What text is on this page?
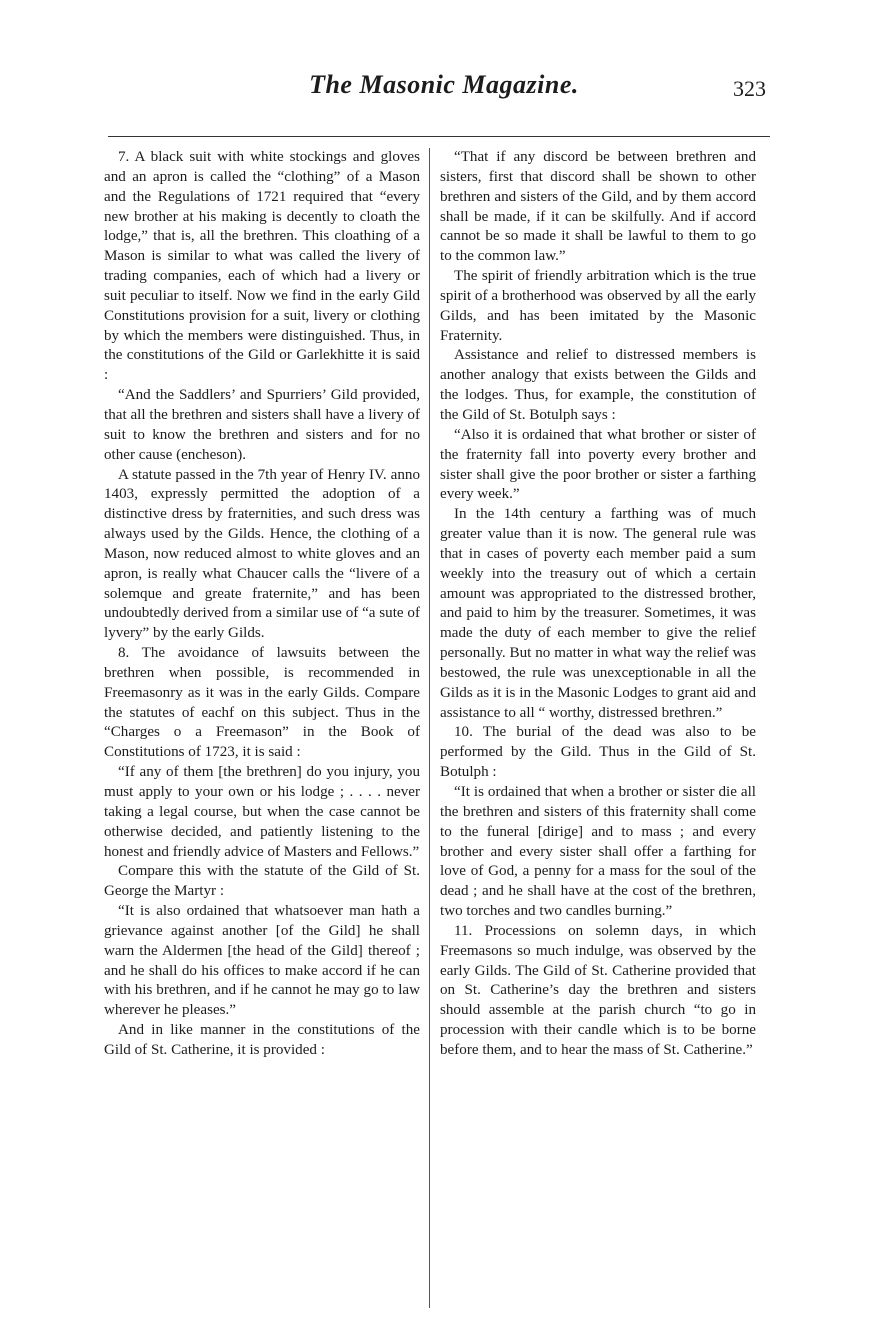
The Masonic Magazine.	323

7. A black suit with white stockings and gloves and an apron is called the “clothing” of a Mason and the Regulations of 1721 required that “every new brother at his making is decently to cloath the lodge,” that is, all the brethren. This cloathing of a Mason is similar to what was called the livery of trading companies, each of which had a livery or suit peculiar to itself. Now we find in the early Gild Constitutions provision for a suit, livery or clothing by which the members were distinguished. Thus, in the constitutions of the Gild or Garlekhitte it is said :

“And the Saddlers’ and Spurriers’ Gild provided, that all the brethren and sisters shall have a livery of suit to know the brethren and sisters and for no other cause (encheson).

A statute passed in the 7th year of Henry IV. anno 1403, expressly permitted the adoption of a distinctive dress by fraternities, and such dress was always used by the Gilds. Hence, the clothing of a Mason, now reduced almost to white gloves and an apron, is really what Chaucer calls the “livere of a solemque and greate fraternite,” and has been undoubtedly derived from a similar use of “a sute of lyvery” by the early Gilds.

8. The avoidance of lawsuits between the brethren when possible, is recommended in Freemasonry as it was in the early Gilds. Compare the statutes of eachf on this subject. Thus in the “Charges o a Freemason” in the Book of Constitutions of 1723, it is said :

“If any of them [the brethren] do you injury, you must apply to your own or his lodge ; . . . . never taking a legal course, but when the case cannot be otherwise decided, and patiently listening to the honest and friendly advice of Masters and Fellows.”

Compare this with the statute of the Gild of St. George the Martyr :

“It is also ordained that whatsoever man hath a grievance against another [of the Gild] he shall warn the Aldermen [the head of the Gild] thereof ; and he shall do his offices to make accord if he can with his brethren, and if he cannot he may go to law wherever he pleases.”

And in like manner in the constitutions of the Gild of St. Catherine, it is provided :

“That if any discord be between brethren and sisters, first that discord shall be shown to other brethren and sisters of the Gild, and by them accord shall be made, if it can be skilfully. And if accord cannot be so made it shall be lawful to them to go to the common law.”

The spirit of friendly arbitration which is the true spirit of a brotherhood was observed by all the early Gilds, and has been imitated by the Masonic Fraternity.

Assistance and relief to distressed members is another analogy that exists between the Gilds and the lodges. Thus, for example, the constitution of the Gild of St. Botulph says :

“Also it is ordained that what brother or sister of the fraternity fall into poverty every brother and sister shall give the poor brother or sister a farthing every week.”

In the 14th century a farthing was of much greater value than it is now. The general rule was that in cases of poverty each member paid a sum weekly into the treasury out of which a certain amount was appropriated to the distressed brother, and paid to him by the treasurer. Sometimes, it was made the duty of each member to give the relief personally. But no matter in what way the relief was bestowed, the rule was unexceptionable in all the Gilds as it is in the Masonic Lodges to grant aid and assistance to all “ worthy, distressed brethren.”

10. The burial of the dead was also to be performed by the Gild. Thus in the Gild of St. Botulph :

“It is ordained that when a brother or sister die all the brethren and sisters of this fraternity shall come to the funeral [dirige] and to mass ; and every brother and every sister shall offer a farthing for love of God, a penny for a mass for the soul of the dead ; and he shall have at the cost of the brethren, two torches and two candles burning.”

11. Processions on solemn days, in which Freemasons so much indulge, was observed by the early Gilds. The Gild of St. Catherine provided that on St. Catherine’s day the brethren and sisters should assemble at the parish church “to go in procession with their candle which is to be borne before them, and to hear the mass of St. Catherine.”
